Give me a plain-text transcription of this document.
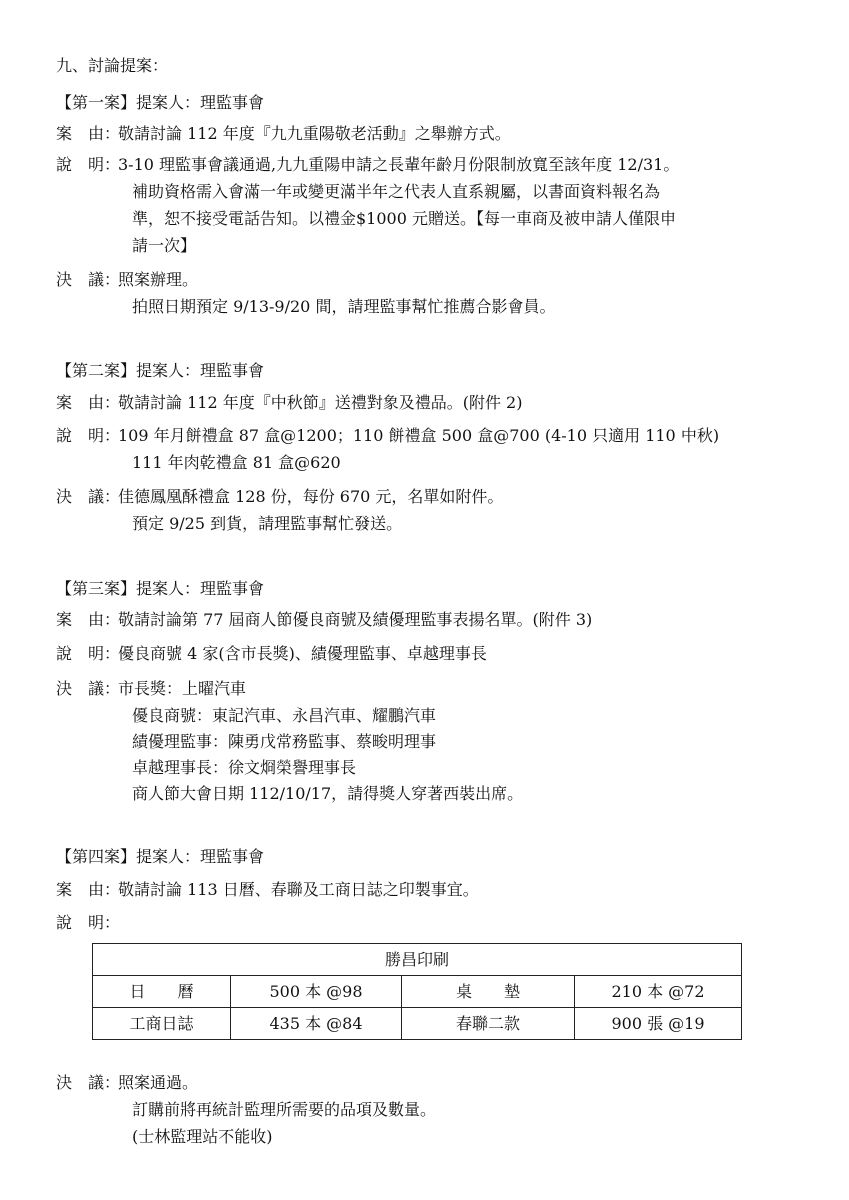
九、討論提案：
【第一案】提案人：理監事會
案　由：
敬請討論 112 年度『九九重陽敬老活動』之舉辦方式。
說　明：
3-10 理監事會議通過,九九重陽申請之長輩年齡月份限制放寬至該年度 12/31。
補助資格需入會滿一年或變更滿半年之代表人直系親屬，以書面資料報名為
準，恕不接受電話告知。以禮金$1000 元贈送。【每一車商及被申請人僅限申
請一次】
決　議：
照案辦理。
拍照日期預定 9/13-9/20 間，請理監事幫忙推薦合影會員。
【第二案】提案人：理監事會
案　由：
敬請討論 112 年度『中秋節』送禮對象及禮品。(附件 2)
說　明：
109 年月餅禮盒 87 盒@1200；110 餅禮盒 500 盒@700 (4-10 只適用 110 中秋)
111 年肉乾禮盒 81 盒@620
決　議：
佳德鳳凰酥禮盒 128 份，每份 670 元，名單如附件。
預定 9/25 到貨，請理監事幫忙發送。
【第三案】提案人：理監事會
案　由：
敬請討論第 77 屆商人節優良商號及績優理監事表揚名單。(附件 3)
說　明：
優良商號 4 家(含市長獎)、績優理監事、卓越理事長
決　議：
市長獎：上曜汽車
優良商號：東記汽車、永昌汽車、耀鵬汽車
績優理監事：陳勇戊常務監事、蔡畯明理事
卓越理事長：徐文烱榮譽理事長
商人節大會日期 112/10/17，請得獎人穿著西裝出席。
【第四案】提案人：理監事會
案　由：
敬請討論 113 日曆、春聯及工商日誌之印製事宜。
說　明：
勝昌印刷			
日　　曆	500 本 @98	桌　　墊	210 本 @72
工商日誌	435 本 @84	春聯二款	900 張 @19
決　議：
照案通過。
訂購前將再統計監理所需要的品項及數量。
(士林監理站不能收)
